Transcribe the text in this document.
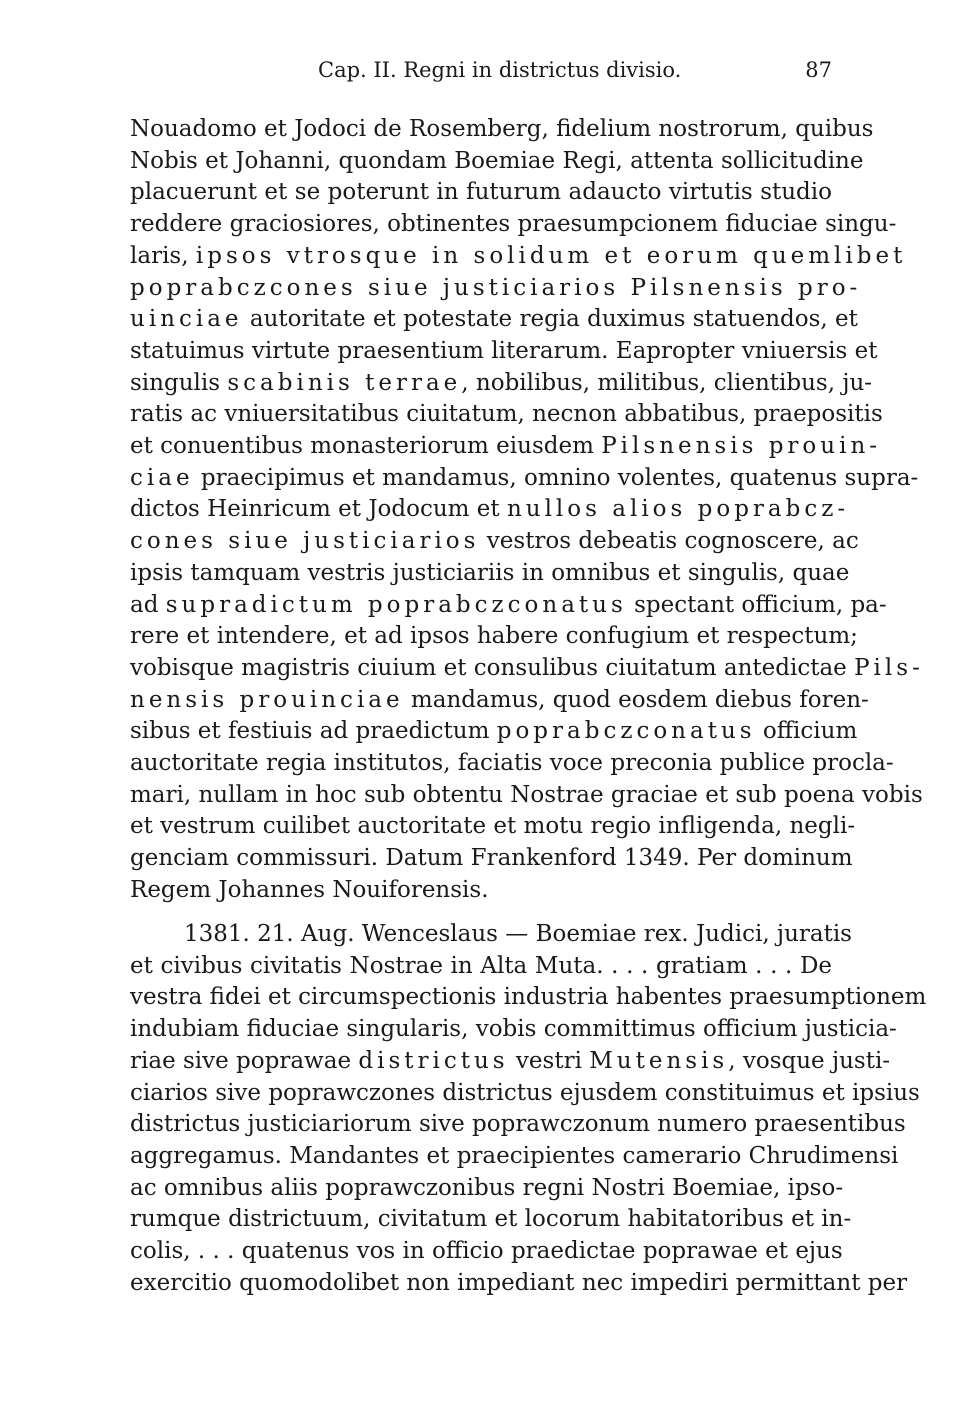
Cap. II. Regni in districtus divisio.	87
Nouadomo et Jodoci de Rosemberg, fidelium nostrorum, quibus
Nobis et Johanni, quondam Boemiae Regi, attenta sollicitudine
placuerunt et se poterunt in futurum adaucto virtutis studio
reddere graciosiores, obtinentes praesumpcionem fiduciae singu-
laris, ipsos vtrosque in solidum et eorum quemlibet
poprabczcones siue justiciarios Pilsnensis pro-
uinciae autoritate et potestate regia duximus statuendos, et
statuimus virtute praesentium literarum. Eapropter vniuersis et
singulis scabinis terrae, nobilibus, militibus, clientibus, ju-
ratis ac vniuersitatibus ciuitatum, necnon abbatibus, praepositis
et conuentibus monasteriorum eiusdem Pilsnensis prouin-
ciae praecipimus et mandamus, omnino volentes, quatenus supra-
dictos Heinricum et Jodocum et nullos alios poprabcz-
cones siue justiciarios vestros debeatis cognoscere, ac
ipsis tamquam vestris justiciariis in omnibus et singulis, quae
ad supradictum poprabczconatus spectant officium, pa-
rere et intendere, et ad ipsos habere confugium et respectum;
vobisque magistris ciuium et consulibus ciuitatum antedictae Pils-
nensis prouinciae mandamus, quod eosdem diebus foren-
sibus et festiuis ad praedictum poprabczconatus officium
auctoritate regia institutos, faciatis voce preconia publice procla-
mari, nullam in hoc sub obtentu Nostrae graciae et sub poena vobis
et vestrum cuilibet auctoritate et motu regio infligenda, negli-
genciam commissuri. Datum Frankenford 1349. Per dominum
Regem Johannes Nouiforensis.
1381. 21. Aug. Wenceslaus — Boemiae rex. Judici, juratis
et civibus civitatis Nostrae in Alta Muta. . . . gratiam . . . De
vestra fidei et circumspectionis industria habentes praesumptionem
indubiam fiduciae singularis, vobis committimus officium justicia-
riae sive poprawae districtus vestri Mutensis, vosque justi-
ciarios sive poprawczones districtus ejusdem constituimus et ipsius
districtus justiciariorum sive poprawczonum numero praesentibus
aggregamus. Mandantes et praecipientes camerario Chrudimensi
ac omnibus aliis poprawczonibus regni Nostri Boemiae, ipso-
rumque districtuum, civitatum et locorum habitatoribus et in-
colis, . . . quatenus vos in officio praedictae poprawae et ejus
exercitio quomodolibet non impediant nec impediri permittant per
